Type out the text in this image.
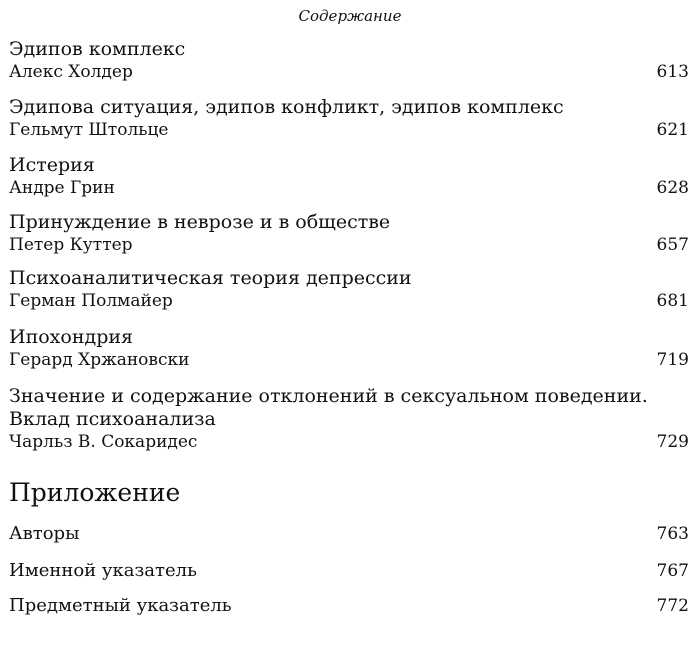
Содержание
Эдипов комплекс
Алекс Холдер	613
Эдипова ситуация, эдипов конфликт, эдипов комплекс
Гельмут Штольце	621
Истерия
Андре Грин	628
Принуждение в неврозе и в обществе
Петер Куттер	657
Психоаналитическая теория депрессии
Герман Полмайер	681
Ипохондрия
Герард Хржановски	719
Значение и содержание отклонений в сексуальном поведении.
Вклад психоанализа
Чарльз В. Сокаридес	729
Приложение
Авторы	763
Именной указатель	767
Предметный указатель	772
